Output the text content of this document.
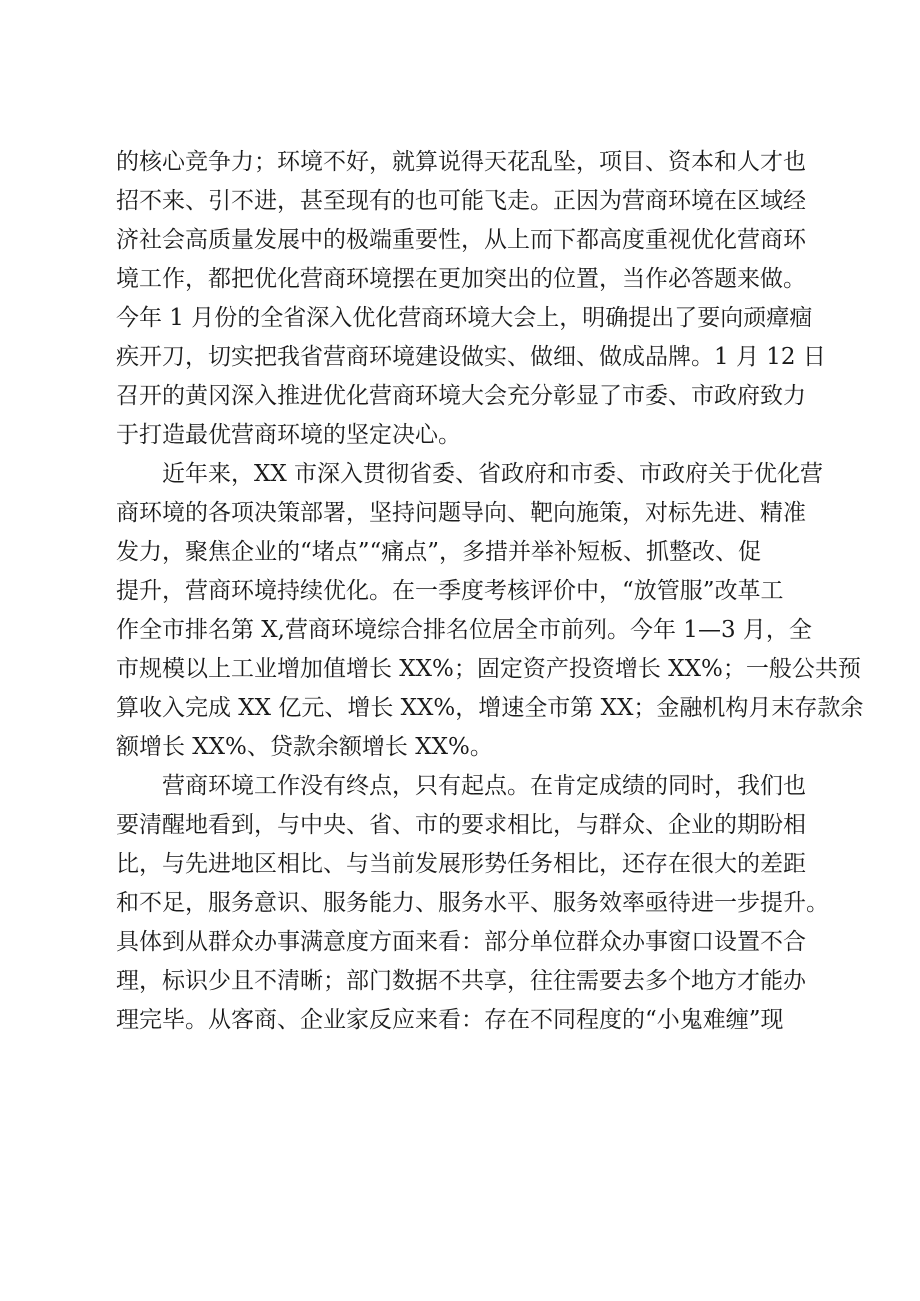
的核心竞争力；环境不好，就算说得天花乱坠，项目、资本和人才也
招不来、引不进，甚至现有的也可能飞走。正因为营商环境在区域经
济社会高质量发展中的极端重要性，从上而下都高度重视优化营商环
境工作，都把优化营商环境摆在更加突出的位置，当作必答题来做。
今年 1 月份的全省深入优化营商环境大会上，明确提出了要向顽瘴痼
疾开刀，切实把我省营商环境建设做实、做细、做成品牌。1 月 12 日
召开的黄冈深入推进优化营商环境大会充分彰显了市委、市政府致力
于打造最优营商环境的坚定决心。
近年来，XX 市深入贯彻省委、省政府和市委、市政府关于优化营
商环境的各项决策部署，坚持问题导向、靶向施策，对标先进、精准
发力，聚焦企业的“堵点”“痛点”，多措并举补短板、抓整改、促
提升，营商环境持续优化。在一季度考核评价中，“放管服”改革工
作全市排名第 X,营商环境综合排名位居全市前列。今年 1—3 月，全
市规模以上工业增加值增长 XX%；固定资产投资增长 XX%；一般公共预
算收入完成 XX 亿元、增长 XX%，增速全市第 XX；金融机构月末存款余
额增长 XX%、贷款余额增长 XX%。
营商环境工作没有终点，只有起点。在肯定成绩的同时，我们也
要清醒地看到，与中央、省、市的要求相比，与群众、企业的期盼相
比，与先进地区相比、与当前发展形势任务相比，还存在很大的差距
和不足，服务意识、服务能力、服务水平、服务效率亟待进一步提升。
具体到从群众办事满意度方面来看：部分单位群众办事窗口设置不合
理，标识少且不清晰；部门数据不共享，往往需要去多个地方才能办
理完毕。从客商、企业家反应来看：存在不同程度的“小鬼难缠”现
